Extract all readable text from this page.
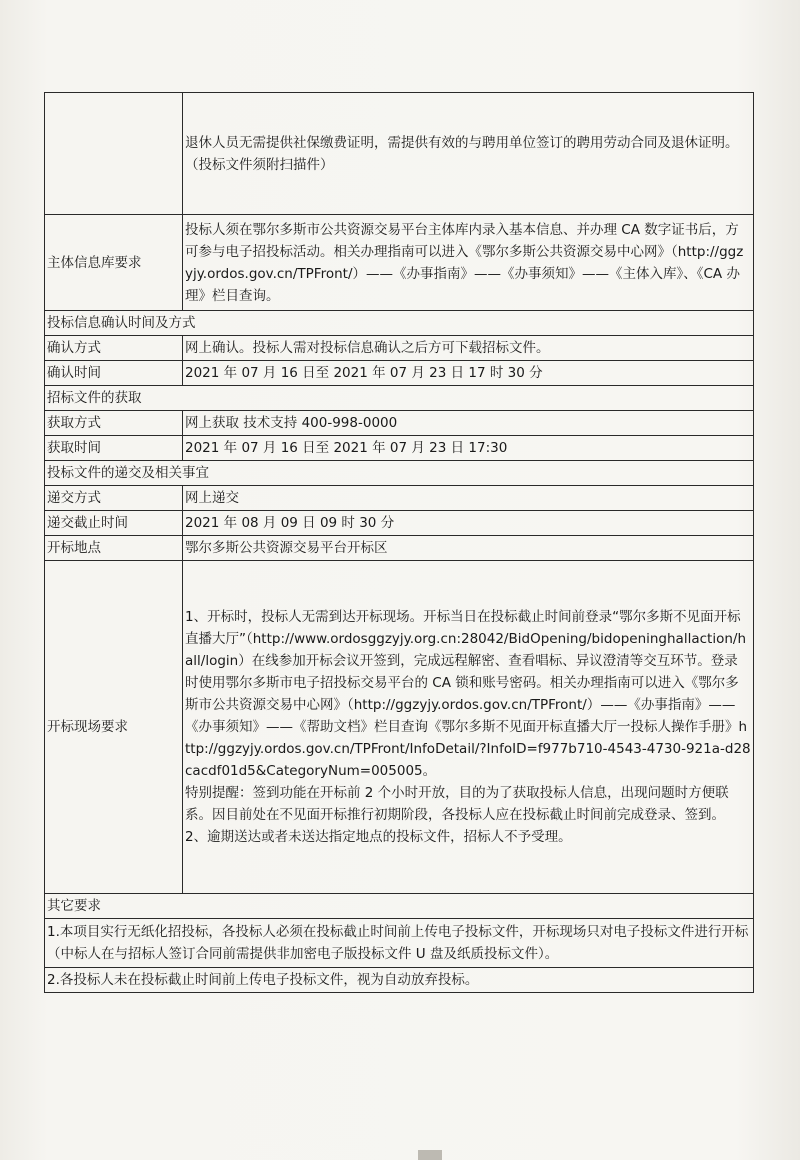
	退休人员无需提供社保缴费证明，需提供有效的与聘用单位签订的聘用劳动合同及退休证明。（投标文件须附扫描件）
主体信息库要求	投标人须在鄂尔多斯市公共资源交易平台主体库内录入基本信息、并办理 CA 数字证书后，方可参与电子招投标活动。相关办理指南可以进入《鄂尔多斯公共资源交易中心网》（http://ggzyjy.ordos.gov.cn/TPFront/）——《办事指南》——《办事须知》——《主体入库》、《CA 办理》栏目查询。
投标信息确认时间及方式	
确认方式	网上确认。投标人需对投标信息确认之后方可下载招标文件。
确认时间	2021 年 07 月 16 日至 2021 年 07 月 23 日 17 时 30 分
招标文件的获取	
获取方式	网上获取 技术支持 400-998-0000
获取时间	2021 年 07 月 16 日至 2021 年 07 月 23 日 17:30
投标文件的递交及相关事宜	
递交方式	网上递交
递交截止时间	2021 年 08 月 09 日 09 时 30 分
开标地点	鄂尔多斯公共资源交易平台开标区
开标现场要求	1、开标时，投标人无需到达开标现场。开标当日在投标截止时间前登录“鄂尔多斯不见面开标直播大厅”（http://www.ordosggzyjy.org.cn:28042/BidOpening/bidopeninghallaction/hall/login）在线参加开标会议开签到，完成远程解密、查看唱标、异议澄清等交互环节。登录时使用鄂尔多斯市电子招投标交易平台的 CA 锁和账号密码。相关办理指南可以进入《鄂尔多斯市公共资源交易中心网》（http://ggzyjy.ordos.gov.cn/TPFront/）——《办事指南》——《办事须知》——《帮助文档》栏目查询《鄂尔多斯不见面开标直播大厅一投标人操作手册》http://ggzyjy.ordos.gov.cn/TPFront/InfoDetail/?InfoID=f977b710-4543-4730-921a-d28cacdf01d5&CategoryNum=005005。

特别提醒：签到功能在开标前 2 个小时开放，目的为了获取投标人信息，出现问题时方便联系。因目前处在不见面开标推行初期阶段，各投标人应在投标截止时间前完成登录、签到。

2、逾期送达或者未送达指定地点的投标文件，招标人不予受理。

其它要求	
1.本项目实行无纸化招投标，各投标人必须在投标截止时间前上传电子投标文件，开标现场只对电子投标文件进行开标（中标人在与招标人签订合同前需提供非加密电子版投标文件 U 盘及纸质投标文件）。	
2.各投标人未在投标截止时间前上传电子投标文件，视为自动放弃投标。	
